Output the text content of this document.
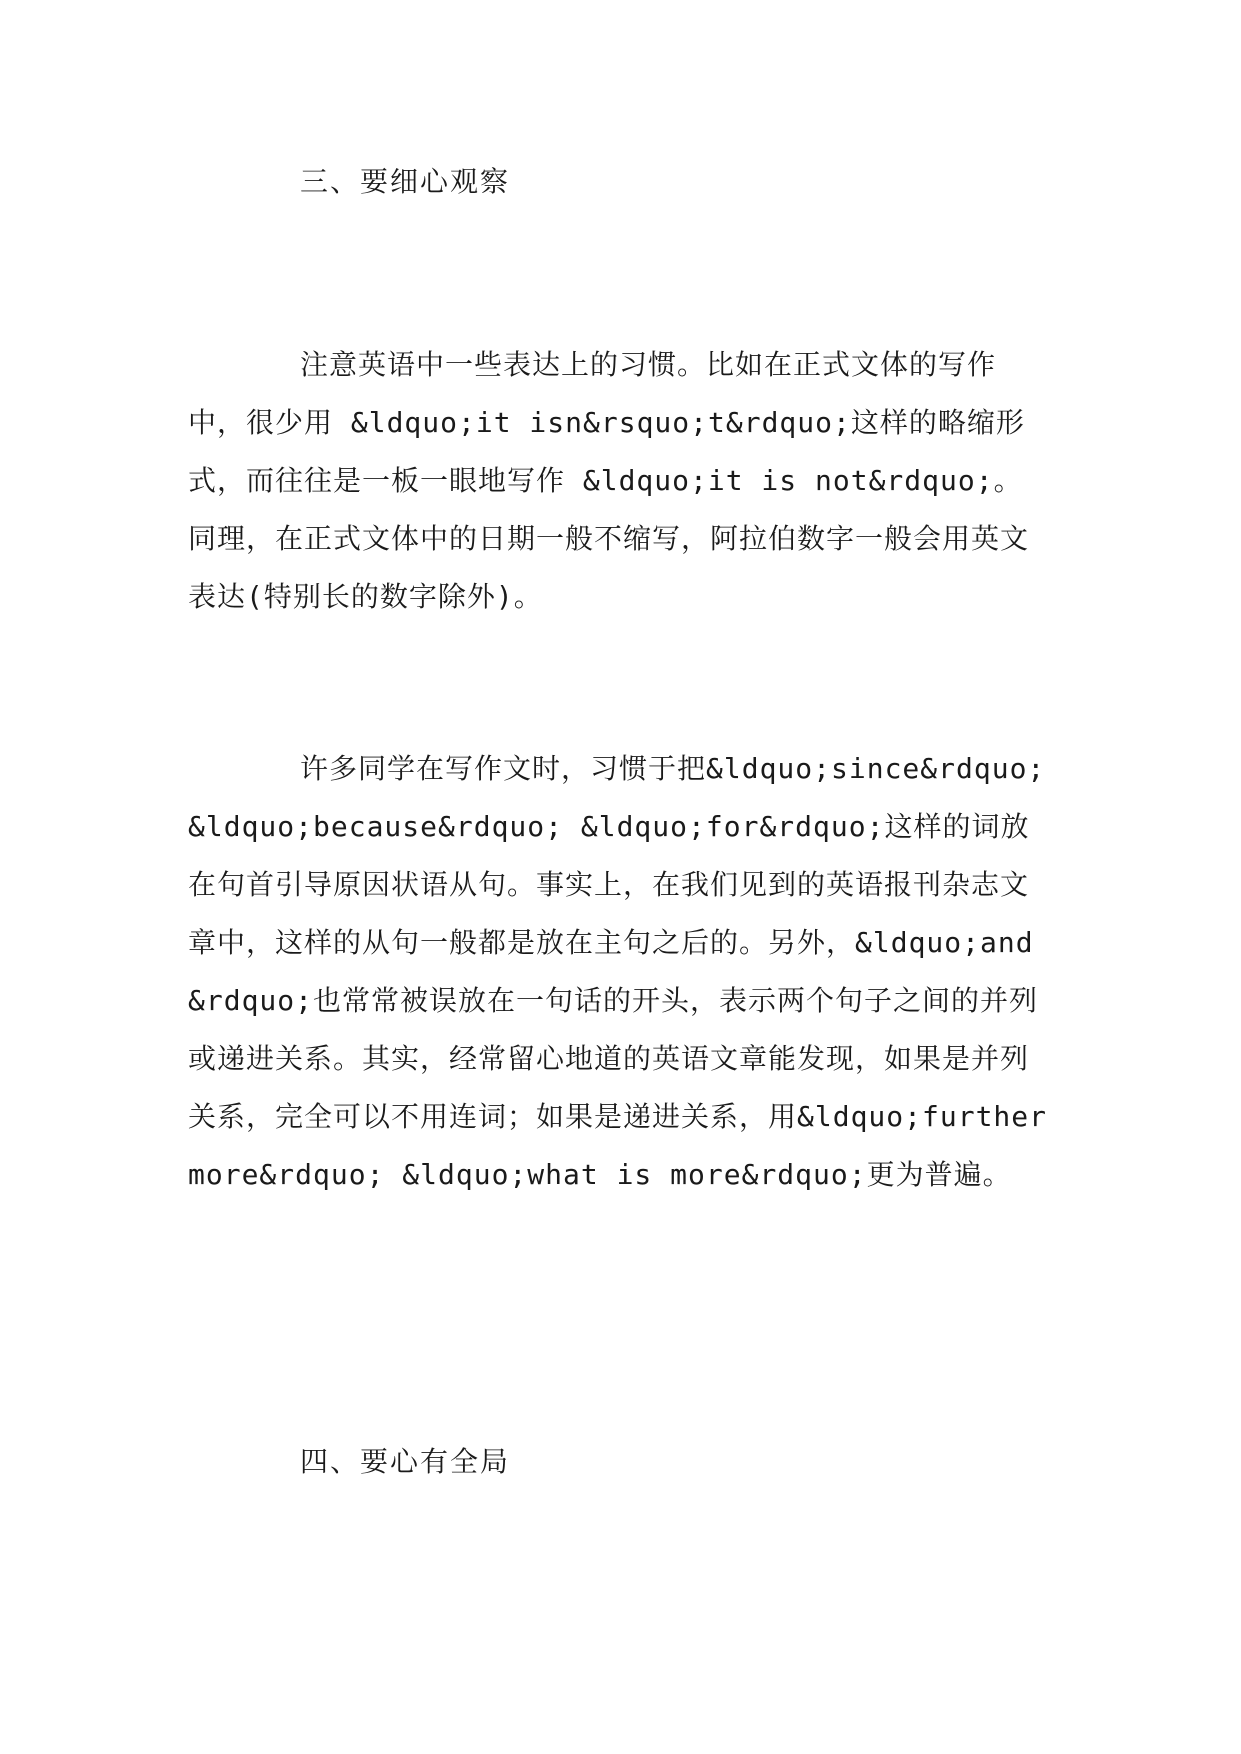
三、要细心观察
注意英语中一些表达上的习惯。比如在正式文体的写作中，很少用 &ldquo;it isn&rsquo;t&rdquo;这样的略缩形式，而往往是一板一眼地写作 &ldquo;it is not&rdquo;。同理，在正式文体中的日期一般不缩写，阿拉伯数字一般会用英文表达(特别长的数字除外)。
许多同学在写作文时，习惯于把&ldquo;since&rdquo; &ldquo;because&rdquo; &ldquo;for&rdquo;这样的词放在句首引导原因状语从句。事实上，在我们见到的英语报刊杂志文章中，这样的从句一般都是放在主句之后的。另外，&ldquo;and&rdquo;也常常被误放在一句话的开头，表示两个句子之间的并列或递进关系。其实，经常留心地道的英语文章能发现，如果是并列关系，完全可以不用连词；如果是递进关系，用&ldquo;furthermore&rdquo; &ldquo;what is more&rdquo;更为普遍。
四、要心有全局
